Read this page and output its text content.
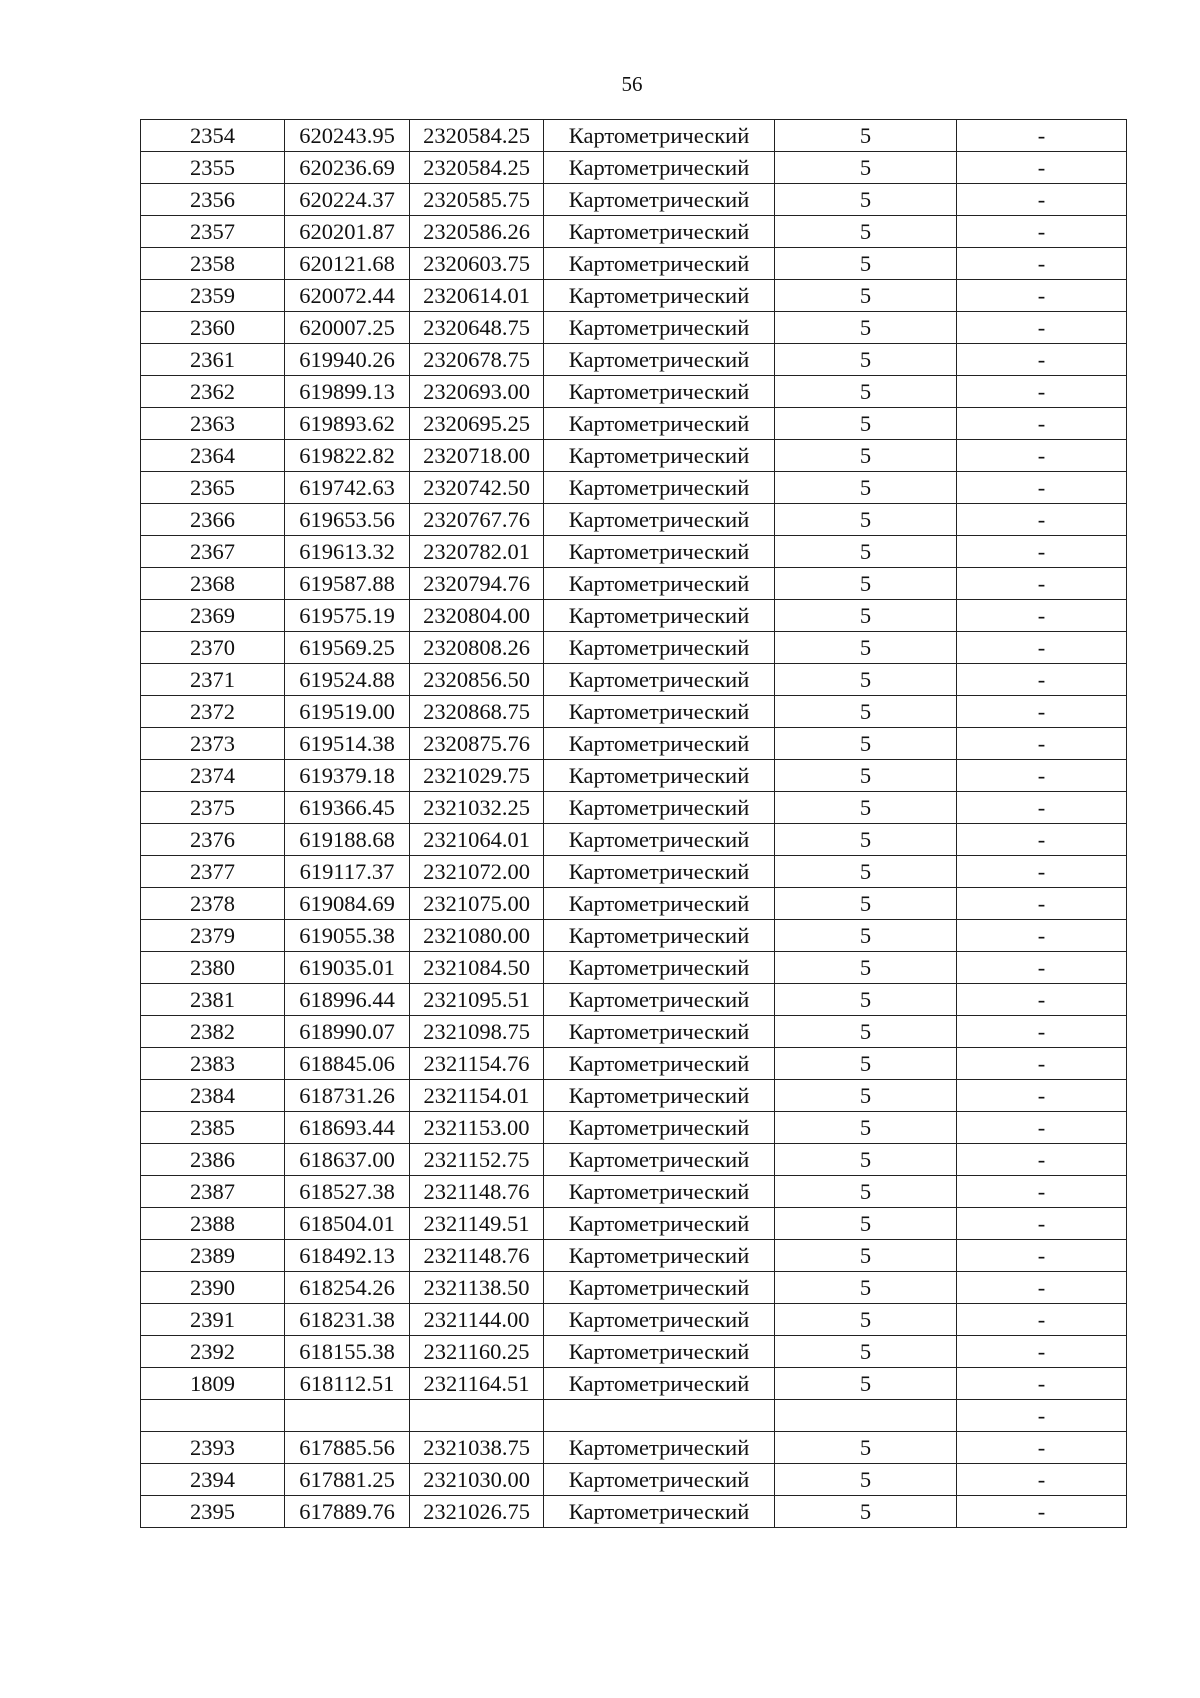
56
2354	620243.95	2320584.25	Картометрический	5	-
2355	620236.69	2320584.25	Картометрический	5	-
2356	620224.37	2320585.75	Картометрический	5	-
2357	620201.87	2320586.26	Картометрический	5	-
2358	620121.68	2320603.75	Картометрический	5	-
2359	620072.44	2320614.01	Картометрический	5	-
2360	620007.25	2320648.75	Картометрический	5	-
2361	619940.26	2320678.75	Картометрический	5	-
2362	619899.13	2320693.00	Картометрический	5	-
2363	619893.62	2320695.25	Картометрический	5	-
2364	619822.82	2320718.00	Картометрический	5	-
2365	619742.63	2320742.50	Картометрический	5	-
2366	619653.56	2320767.76	Картометрический	5	-
2367	619613.32	2320782.01	Картометрический	5	-
2368	619587.88	2320794.76	Картометрический	5	-
2369	619575.19	2320804.00	Картометрический	5	-
2370	619569.25	2320808.26	Картометрический	5	-
2371	619524.88	2320856.50	Картометрический	5	-
2372	619519.00	2320868.75	Картометрический	5	-
2373	619514.38	2320875.76	Картометрический	5	-
2374	619379.18	2321029.75	Картометрический	5	-
2375	619366.45	2321032.25	Картометрический	5	-
2376	619188.68	2321064.01	Картометрический	5	-
2377	619117.37	2321072.00	Картометрический	5	-
2378	619084.69	2321075.00	Картометрический	5	-
2379	619055.38	2321080.00	Картометрический	5	-
2380	619035.01	2321084.50	Картометрический	5	-
2381	618996.44	2321095.51	Картометрический	5	-
2382	618990.07	2321098.75	Картометрический	5	-
2383	618845.06	2321154.76	Картометрический	5	-
2384	618731.26	2321154.01	Картометрический	5	-
2385	618693.44	2321153.00	Картометрический	5	-
2386	618637.00	2321152.75	Картометрический	5	-
2387	618527.38	2321148.76	Картометрический	5	-
2388	618504.01	2321149.51	Картометрический	5	-
2389	618492.13	2321148.76	Картометрический	5	-
2390	618254.26	2321138.50	Картометрический	5	-
2391	618231.38	2321144.00	Картометрический	5	-
2392	618155.38	2321160.25	Картометрический	5	-
1809	618112.51	2321164.51	Картометрический	5	-
					-
2393	617885.56	2321038.75	Картометрический	5	-
2394	617881.25	2321030.00	Картометрический	5	-
2395	617889.76	2321026.75	Картометрический	5	-
